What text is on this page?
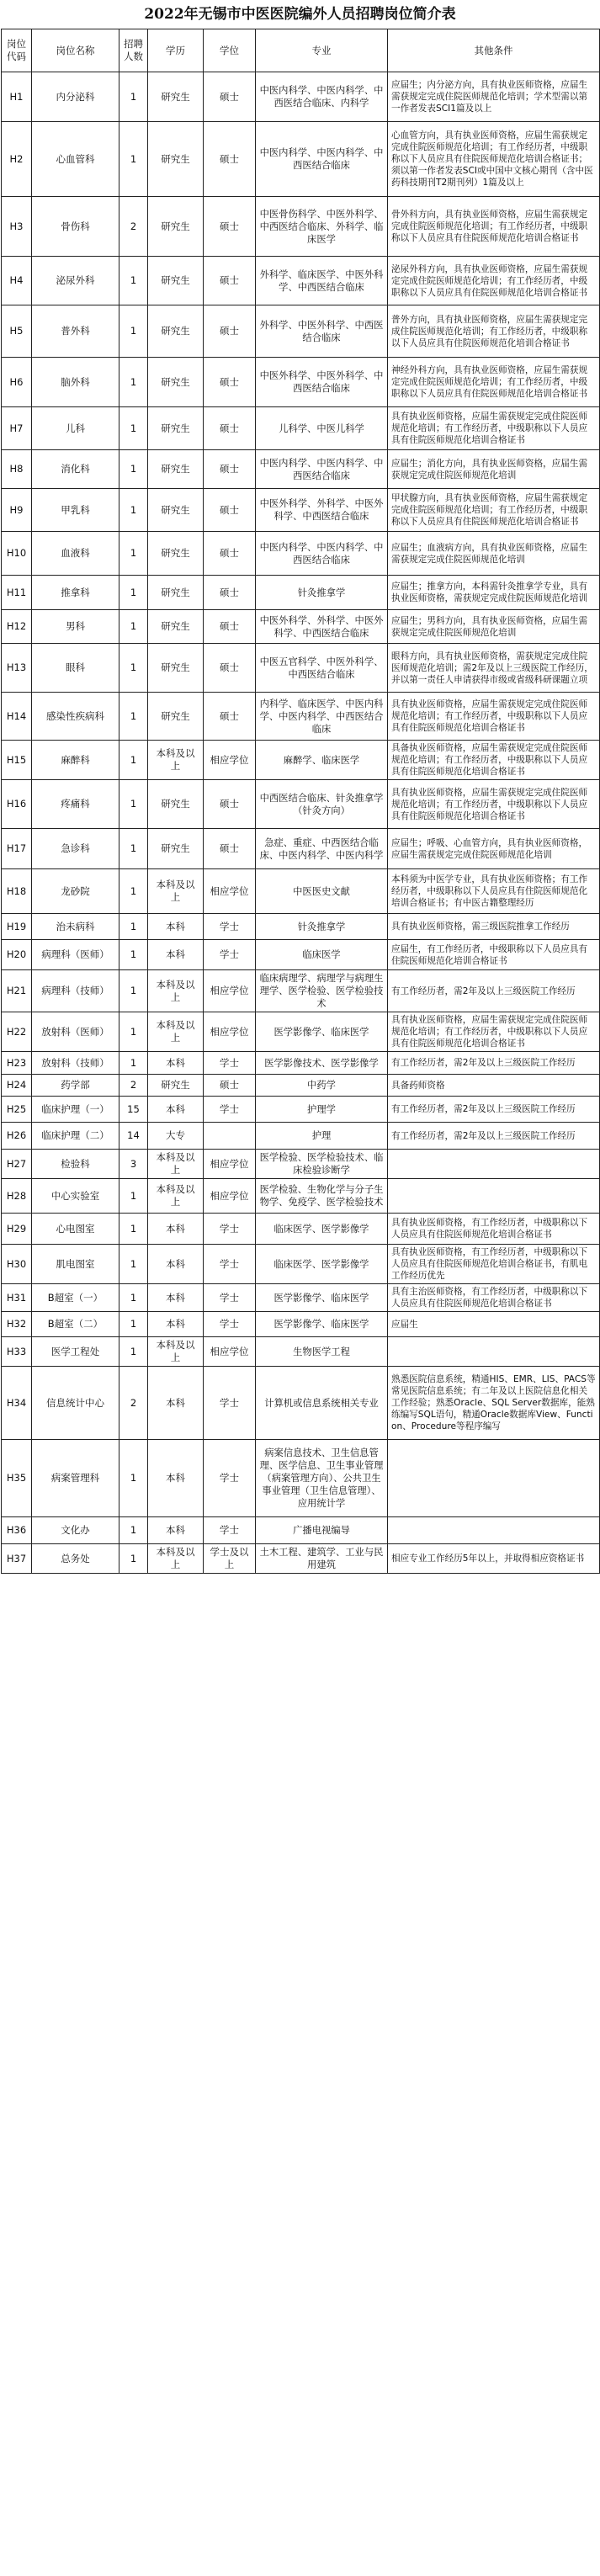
2022年无锡市中医医院编外人员招聘岗位简介表
岗位代码	岗位名称	招聘人数	学历	学位	专业	其他条件
H1	内分泌科	1	研究生	硕士	中医内科学、中医内科学、中西医结合临床、内科学	应届生；内分泌方向，具有执业医师资格，应届生需获规定完成住院医师规范化培训；学术型需以第一作者发表SCI1篇及以上
H2	心血管科	1	研究生	硕士	中医内科学、中医内科学、中西医结合临床	心血管方向，具有执业医师资格，应届生需获规定完成住院医师规范化培训；有工作经历者，中级职称以下人员应具有住院医师规范化培训合格证书；须以第一作者发表SCI或中国中文核心期刊（含中医药科技期刊T2期刊列）1篇及以上
H3	骨伤科	2	研究生	硕士	中医骨伤科学、中医外科学、中西医结合临床、外科学、临床医学	骨外科方向，具有执业医师资格，应届生需获规定完成住院医师规范化培训；有工作经历者，中级职称以下人员应具有住院医师规范化培训合格证书
H4	泌尿外科	1	研究生	硕士	外科学、临床医学、中医外科学、中西医结合临床	泌尿外科方向，具有执业医师资格，应届生需获规定完成住院医师规范化培训；有工作经历者，中级职称以下人员应具有住院医师规范化培训合格证书
H5	普外科	1	研究生	硕士	外科学、中医外科学、中西医结合临床	普外方向，具有执业医师资格，应届生需获规定完成住院医师规范化培训；有工作经历者，中级职称以下人员应具有住院医师规范化培训合格证书
H6	脑外科	1	研究生	硕士	中医外科学、中医外科学、中西医结合临床	神经外科方向，具有执业医师资格，应届生需获规定完成住院医师规范化培训；有工作经历者，中级职称以下人员应具有住院医师规范化培训合格证书
H7	儿科	1	研究生	硕士	儿科学、中医儿科学	具有执业医师资格，应届生需获规定完成住院医师规范化培训；有工作经历者，中级职称以下人员应具有住院医师规范化培训合格证书
H8	消化科	1	研究生	硕士	中医内科学、中医内科学、中西医结合临床	应届生；消化方向，具有执业医师资格，应届生需获规定完成住院医师规范化培训
H9	甲乳科	1	研究生	硕士	中医外科学、外科学、中医外科学、中西医结合临床	甲状腺方向，具有执业医师资格，应届生需获规定完成住院医师规范化培训；有工作经历者，中级职称以下人员应具有住院医师规范化培训合格证书
H10	血液科	1	研究生	硕士	中医内科学、中医内科学、中西医结合临床	应届生；血液病方向，具有执业医师资格，应届生需获规定完成住院医师规范化培训
H11	推拿科	1	研究生	硕士	针灸推拿学	应届生；推拿方向，本科需针灸推拿学专业，具有执业医师资格，需获规定完成住院医师规范化培训
H12	男科	1	研究生	硕士	中医外科学、外科学、中医外科学、中西医结合临床	应届生；男科方向，具有执业医师资格，应届生需获规定完成住院医师规范化培训
H13	眼科	1	研究生	硕士	中医五官科学、中医外科学、中西医结合临床	眼科方向，具有执业医师资格，需获规定完成住院医师规范化培训；需2年及以上三级医院工作经历，并以第一责任人申请获得市级或省级科研课题立项
H14	感染性疾病科	1	研究生	硕士	内科学、临床医学、中医内科学、中医内科学、中西医结合临床	具有执业医师资格，应届生需获规定完成住院医师规范化培训；有工作经历者，中级职称以下人员应具有住院医师规范化培训合格证书
H15	麻醉科	1	本科及以上	相应学位	麻醉学、临床医学	具备执业医师资格，应届生需获规定完成住院医师规范化培训；有工作经历者，中级职称以下人员应具有住院医师规范化培训合格证书
H16	疼痛科	1	研究生	硕士	中西医结合临床、针灸推拿学（针灸方向）	具有执业医师资格，应届生需获规定完成住院医师规范化培训；有工作经历者，中级职称以下人员应具有住院医师规范化培训合格证书
H17	急诊科	1	研究生	硕士	急症、重症、中西医结合临床、中医内科学、中医内科学	应届生；呼吸、心血管方向，具有执业医师资格，应届生需获规定完成住院医师规范化培训
H18	龙砂院	1	本科及以上	相应学位	中医医史文献	本科须为中医学专业，具有执业医师资格；有工作经历者，中级职称以下人员应具有住院医师规范化培训合格证书；有中医古籍整理经历
H19	治未病科	1	本科	学士	针灸推拿学	具有执业医师资格，需三级医院推拿工作经历
H20	病理科（医师）	1	本科	学士	临床医学	应届生，有工作经历者，中级职称以下人员应具有住院医师规范化培训合格证书
H21	病理科（技师）	1	本科及以上	相应学位	临床病理学、病理学与病理生理学、医学检验、医学检验技术	有工作经历者，需2年及以上三级医院工作经历
H22	放射科（医师）	1	本科及以上	相应学位	医学影像学、临床医学	具有执业医师资格，应届生需获规定完成住院医师规范化培训；有工作经历者，中级职称以下人员应具有住院医师规范化培训合格证书
H23	放射科（技师）	1	本科	学士	医学影像技术、医学影像学	有工作经历者，需2年及以上三级医院工作经历
H24	药学部	2	研究生	硕士	中药学	具备药师资格
H25	临床护理（一）	15	本科	学士	护理学	有工作经历者，需2年及以上三级医院工作经历
H26	临床护理（二）	14	大专		护理	有工作经历者，需2年及以上三级医院工作经历
H27	检验科	3	本科及以上	相应学位	医学检验、医学检验技术、临床检验诊断学	
H28	中心实验室	1	本科及以上	相应学位	医学检验、生物化学与分子生物学、免疫学、医学检验技术	
H29	心电图室	1	本科	学士	临床医学、医学影像学	具有执业医师资格，有工作经历者，中级职称以下人员应具有住院医师规范化培训合格证书
H30	肌电图室	1	本科	学士	临床医学、医学影像学	具有执业医师资格，有工作经历者，中级职称以下人员应具有住院医师规范化培训合格证书，有肌电工作经历优先
H31	B超室（一）	1	本科	学士	医学影像学、临床医学	具有主治医师资格，有工作经历者，中级职称以下人员应具有住院医师规范化培训合格证书
H32	B超室（二）	1	本科	学士	医学影像学、临床医学	应届生
H33	医学工程处	1	本科及以上	相应学位	生物医学工程	
H34	信息统计中心	2	本科	学士	计算机或信息系统相关专业	熟悉医院信息系统，精通HIS、EMR、LIS、PACS等常见医院信息系统；有二年及以上医院信息化相关工作经验；熟悉Oracle、SQL Server数据库，能熟练编写SQL语句，精通Oracle数据库View、Function、Procedure等程序编写
H35	病案管理科	1	本科	学士	病案信息技术、卫生信息管理、医学信息、卫生事业管理（病案管理方向）、公共卫生事业管理（卫生信息管理）、应用统计学	
H36	文化办	1	本科	学士	广播电视编导	
H37	总务处	1	本科及以上	学士及以上	土木工程、建筑学、工业与民用建筑	相应专业工作经历5年以上，并取得相应资格证书
